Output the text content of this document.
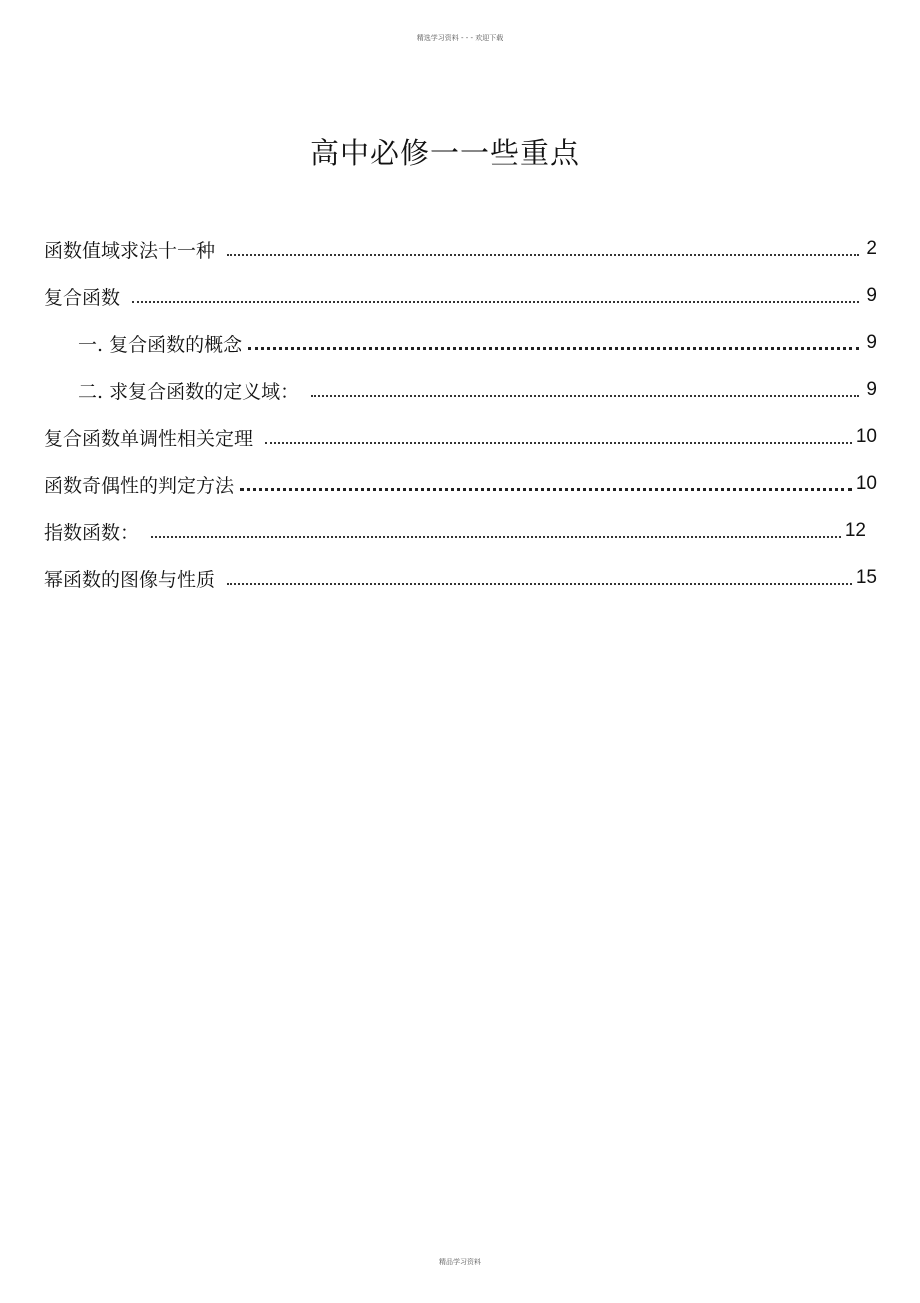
精选学习资料 - - - 欢迎下载
高中必修一一些重点
函数值域求法十一种	2
复合函数	9
一. 复合函数的概念	9
二. 求复合函数的定义域：	9
复合函数单调性相关定理	10
函数奇偶性的判定方法	10
指数函数：	12
幂函数的图像与性质	15
精品学习资料
